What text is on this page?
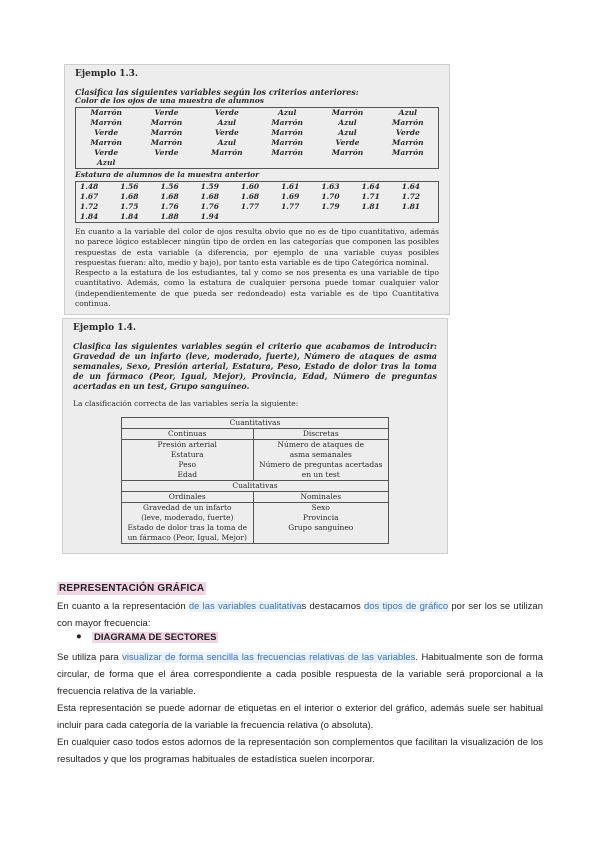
Ejemplo 1.3.
Clasifica las siguientes variables según los criterios anteriores:
Color de los ojos de una muestra de alumnos
Marrón	Verde	Verde	Azul	Marrón	Azul
Marrón	Marrón	Azul	Marrón	Azul	Marrón
Verde	Marrón	Verde	Marrón	Azul	Verde
Marrón	Marrón	Azul	Marrón	Verde	Marrón
Verde	Verde	Marrón	Marrón	Marrón	Marrón
Azul					
Estatura de alumnos de la muestra anterior
1.48	1.56	1.56	1.59	1.60	1.61	1.63	1.64	1.64
1.67	1.68	1.68	1.68	1.68	1.69	1.70	1.71	1.72
1.72	1.75	1.76	1.76	1.77	1.77	1.79	1.81	1.81
1.84	1.84	1.88	1.94					

En cuanto a la variable del color de ojos resulta obvio que no es de tipo cuantitativo, además no parece lógico establecer ningún tipo de orden en las categorías que componen las posibles respuestas de esta variable (a diferencia, por ejemplo de una variable cuyas posibles respuestas fueran: alto, medio y bajo), por tanto esta variable es de tipo Categórica nominal.

Respecto a la estatura de los estudiantes, tal y como se nos presenta es una variable de tipo cuantitativo. Además, como la estatura de cualquier persona puede tomar cualquier valor (independientemente de que pueda ser redondeado) esta variable es de tipo Cuantitativa continua.

Ejemplo 1.4.
Clasifica las siguientes variables según el criterio que acabamos de introducir: Gravedad de un infarto (leve, moderado, fuerte), Número de ataques de asma semanales, Sexo, Presión arterial, Estatura, Peso, Estado de dolor tras la toma de un fármaco (Peor, Igual, Mejor), Provincia, Edad, Número de preguntas acertadas en un test, Grupo sanguíneo.
La clasificación correcta de las variables sería la siguiente:
Cuantitativas	
Continuas	Discretas
Presión arterial	Número de ataques de
Estatura	asma semanales
Peso	Número de preguntas acertadas
Edad	en un test
Cualitativas	
Ordinales	Nominales
Gravedad de un infarto	Sexo
(leve, moderado, fuerte)	Provincia
Estado de dolor tras la toma de	Grupo sanguíneo
un fármaco (Peor, Igual, Mejor)	
REPRESENTACIÓN GRÁFICA
En cuanto a la representación de las variables cualitativas destacamos dos tipos de gráfico por ser los se utilizan con mayor frecuencia:
● DIAGRAMA DE SECTORES
Se utiliza para visualizar de forma sencilla las frecuencias relativas de las variables. Habitualmente son de forma circular, de forma que el área correspondiente a cada posible respuesta de la variable será proporcional a la frecuencia relativa de la variable.
Esta representación se puede adornar de etiquetas en el interior o exterior del gráfico, además suele ser habitual incluir para cada categoría de la variable la frecuencia relativa (o absoluta).
En cualquier caso todos estos adornos de la representación son complementos que facilitan la visualización de los resultados y que los programas habituales de estadística suelen incorporar.
